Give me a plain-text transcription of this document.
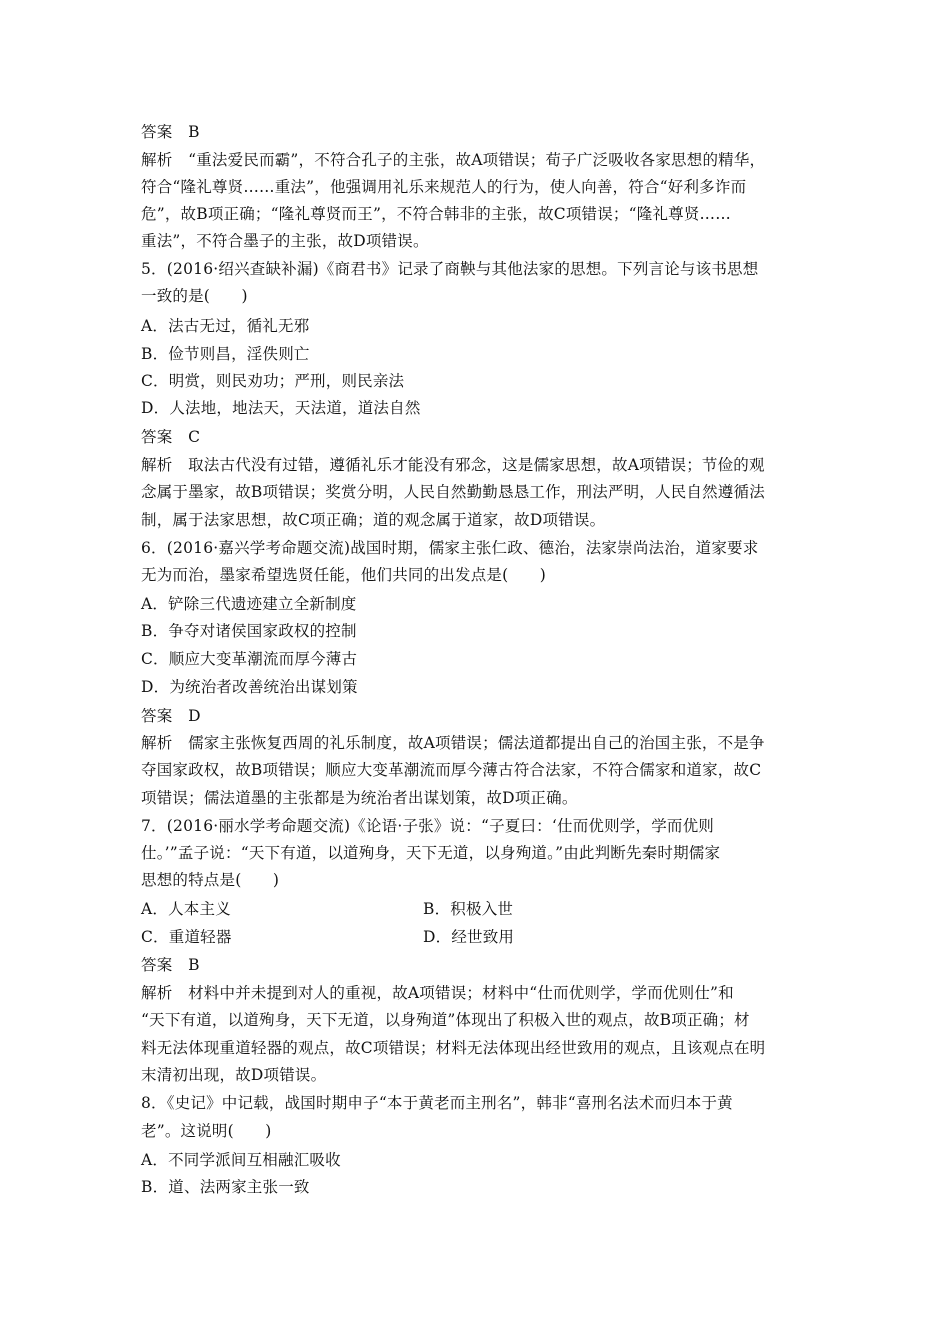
答案　B
解析　“重法爱民而霸”，不符合孔子的主张，故A项错误；荀子广泛吸收各家思想的精华，
符合“隆礼尊贤……重法”，他强调用礼乐来规范人的行为，使人向善，符合“好利多诈而
危”，故B项正确；“隆礼尊贤而王”，不符合韩非的主张，故C项错误；“隆礼尊贤……
重法”，不符合墨子的主张，故D项错误。
5．(2016·绍兴查缺补漏)《商君书》记录了商鞅与其他法家的思想。下列言论与该书思想
一致的是(　　)
A．法古无过，循礼无邪
B．俭节则昌，淫佚则亡
C．明赏，则民劝功；严刑，则民亲法
D．人法地，地法天，天法道，道法自然
答案　C
解析　取法古代没有过错，遵循礼乐才能没有邪念，这是儒家思想，故A项错误；节俭的观
念属于墨家，故B项错误；奖赏分明，人民自然勤勤恳恳工作，刑法严明，人民自然遵循法
制，属于法家思想，故C项正确；道的观念属于道家，故D项错误。
6．(2016·嘉兴学考命题交流)战国时期，儒家主张仁政、德治，法家崇尚法治，道家要求
无为而治，墨家希望选贤任能，他们共同的出发点是(　　)
A．铲除三代遗迹建立全新制度
B．争夺对诸侯国家政权的控制
C．顺应大变革潮流而厚今薄古
D．为统治者改善统治出谋划策
答案　D
解析　儒家主张恢复西周的礼乐制度，故A项错误；儒法道都提出自己的治国主张，不是争
夺国家政权，故B项错误；顺应大变革潮流而厚今薄古符合法家，不符合儒家和道家，故C
项错误；儒法道墨的主张都是为统治者出谋划策，故D项正确。
7．(2016·丽水学考命题交流)《论语·子张》说：“子夏曰：‘仕而优则学，学而优则
仕。’”孟子说：“天下有道，以道殉身，天下无道，以身殉道。”由此判断先秦时期儒家
思想的特点是(　　)
A．人本主义	B．积极入世
C．重道轻器	D．经世致用
答案　B
解析　材料中并未提到对人的重视，故A项错误；材料中“仕而优则学，学而优则仕”和
“天下有道，以道殉身，天下无道，以身殉道”体现出了积极入世的观点，故B项正确；材
料无法体现重道轻器的观点，故C项错误；材料无法体现出经世致用的观点，且该观点在明
末清初出现，故D项错误。
8．《史记》中记载，战国时期申子“本于黄老而主刑名”，韩非“喜刑名法术而归本于黄
老”。这说明(　　)
A．不同学派间互相融汇吸收
B．道、法两家主张一致
